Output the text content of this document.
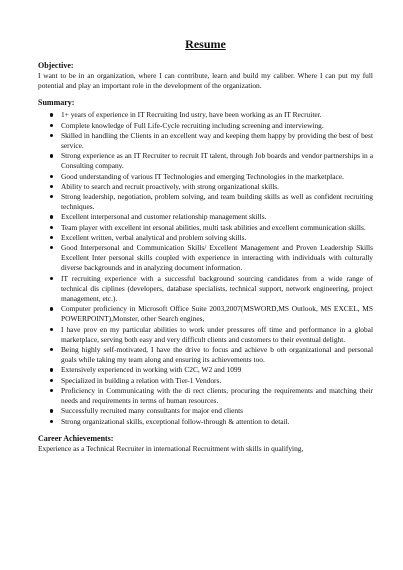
Resume
Objective:

I want to be in an organization, where I can contribute, learn and build my caliber. Where I can put my full potential and play an important role in the development of the organization.

Summary:
1+ years of experience in IT Recruiting Ind ustry, have been working as an IT Recruiter.
Complete knowledge of Full Life-Cycle recruiting including screening and interviewing.
Skilled in handling the Clients in an excellent way and keeping them happy by providing the best of best service.
Strong experience as an IT Recruiter to recruit IT talent, through Job boards and vendor partnerships in a Consulting company.
Good understanding of various IT Technologies and emerging Technologies in the marketplace.
Ability to search and recruit proactively, with strong organizational skills.
Strong leadership, negotiation, problem solving, and team building skills as well as confident recruiting techniques.
Excellent interpersonal and customer relationship management skills.
Team player with excellent int ersonal abilities, multi task abilities and excellent communication skills.
Excellent written, verbal analytical and problem solving skills.
Good Interpersonal and Communication Skills/ Excellent Management and Proven Leadership Skills Excellent Inter personal skills coupled with experience in interacting with individuals with culturally diverse backgrounds and in analyzing document information.
IT recruiting experience with a successful background sourcing candidates from a wide range of technical dis ciplines (developers, database specialists, technical support, network engineering, project management, etc.).
Computer proficiency in Microsoft Office Suite 2003,2007(MSWORD,MS Outlook, MS EXCEL, MS POWERPOINT),Monster, other Search engines,
I have prov en my particular abilities to work under pressures off time and performance in a global marketplace, serving both easy and very difficult clients and customers to their eventual delight.
Being highly self-motivated, I have the drive to focus and achieve b oth organizational and personal goals while taking my team along and ensuring its achievements too.
Extensively experienced in working with C2C, W2 and 1099
Specialized in building a relation with Tier-1 Vendors.
Proficiency in Communicating with the di rect clients, procuring the requirements and matching their needs and requirements in terms of human resources.
Successfully recruited many consultants for major end clients
Strong organizational skills, exceptional follow-through & attention to detail.
Career Achievements:

Experience as a Technical Recruiter in international Recruitment with skills in qualifying,
